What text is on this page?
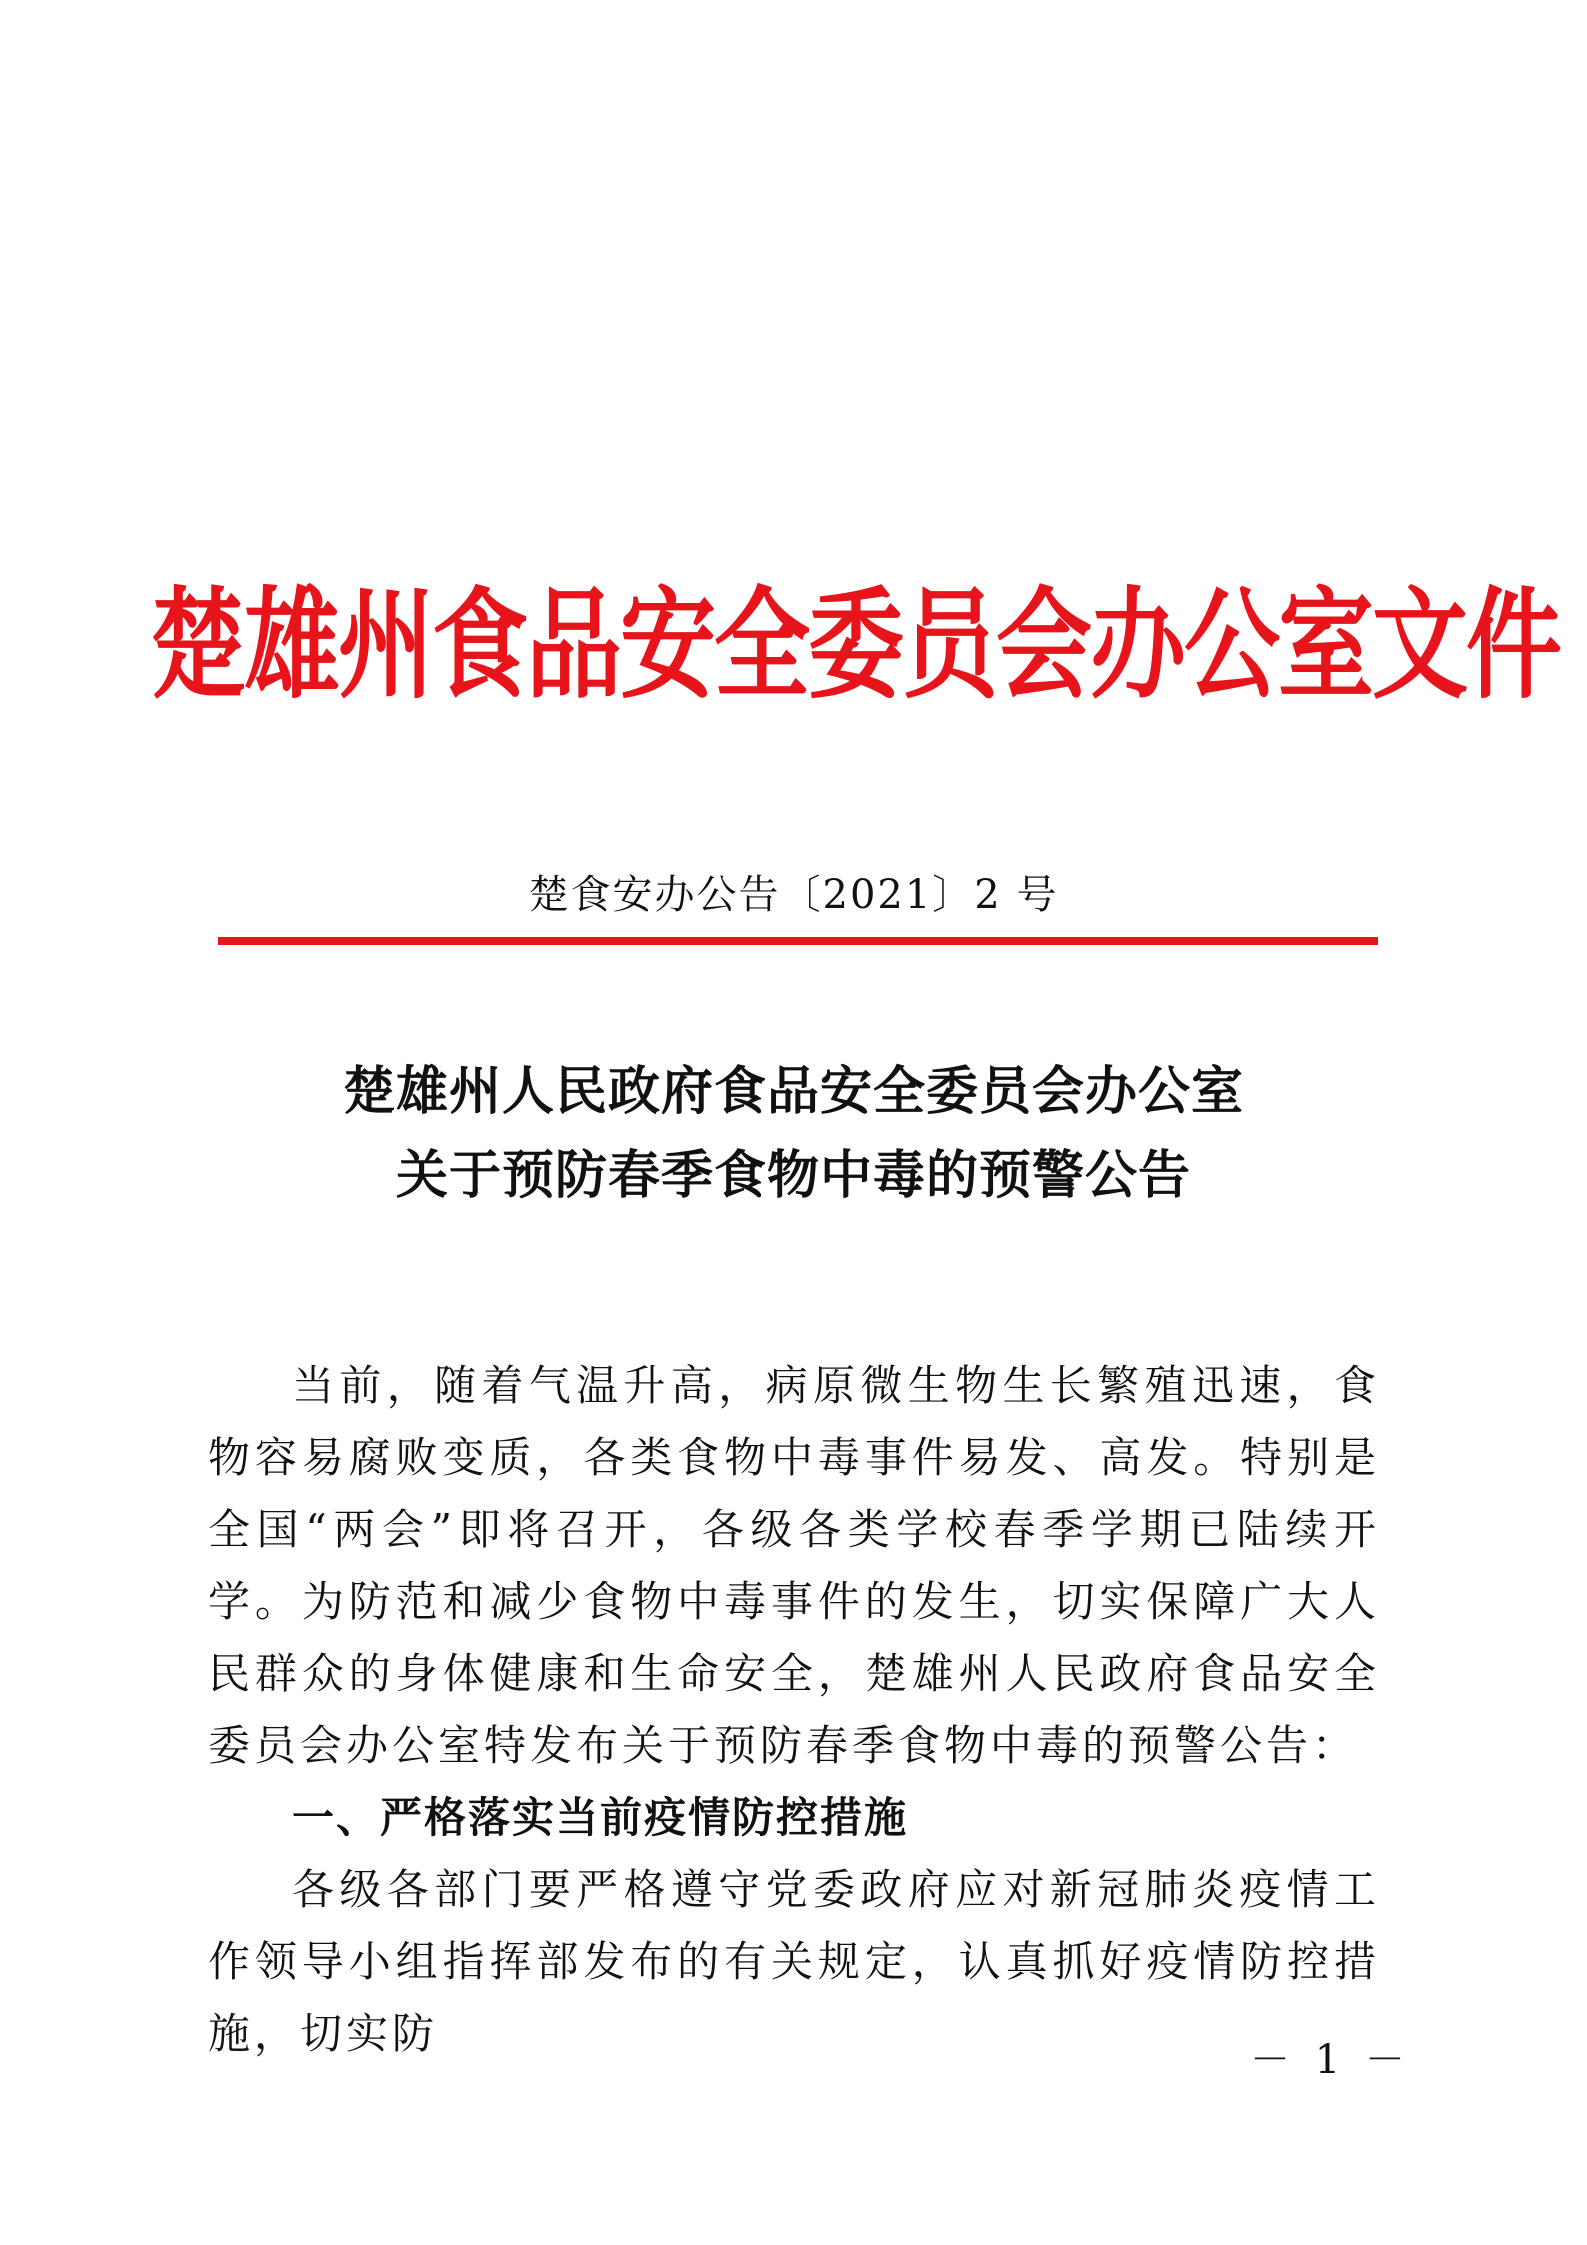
楚雄州食品安全委员会办公室文件
楚食安办公告〔2021〕2 号
楚雄州人民政府食品安全委员会办公室
关于预防春季食物中毒的预警公告

当前，随着气温升高，病原微生物生长繁殖迅速，食物容易腐败变质，各类食物中毒事件易发、高发。特别是全国“两会”即将召开，各级各类学校春季学期已陆续开学。为防范和减少食物中毒事件的发生，切实保障广大人民群众的身体健康和生命安全，楚雄州人民政府食品安全委员会办公室特发布关于预防春季食物中毒的预警公告：

一、严格落实当前疫情防控措施

各级各部门要严格遵守党委政府应对新冠肺炎疫情工作领导小组指挥部发布的有关规定，认真抓好疫情防控措施，切实防

－ 1 －
